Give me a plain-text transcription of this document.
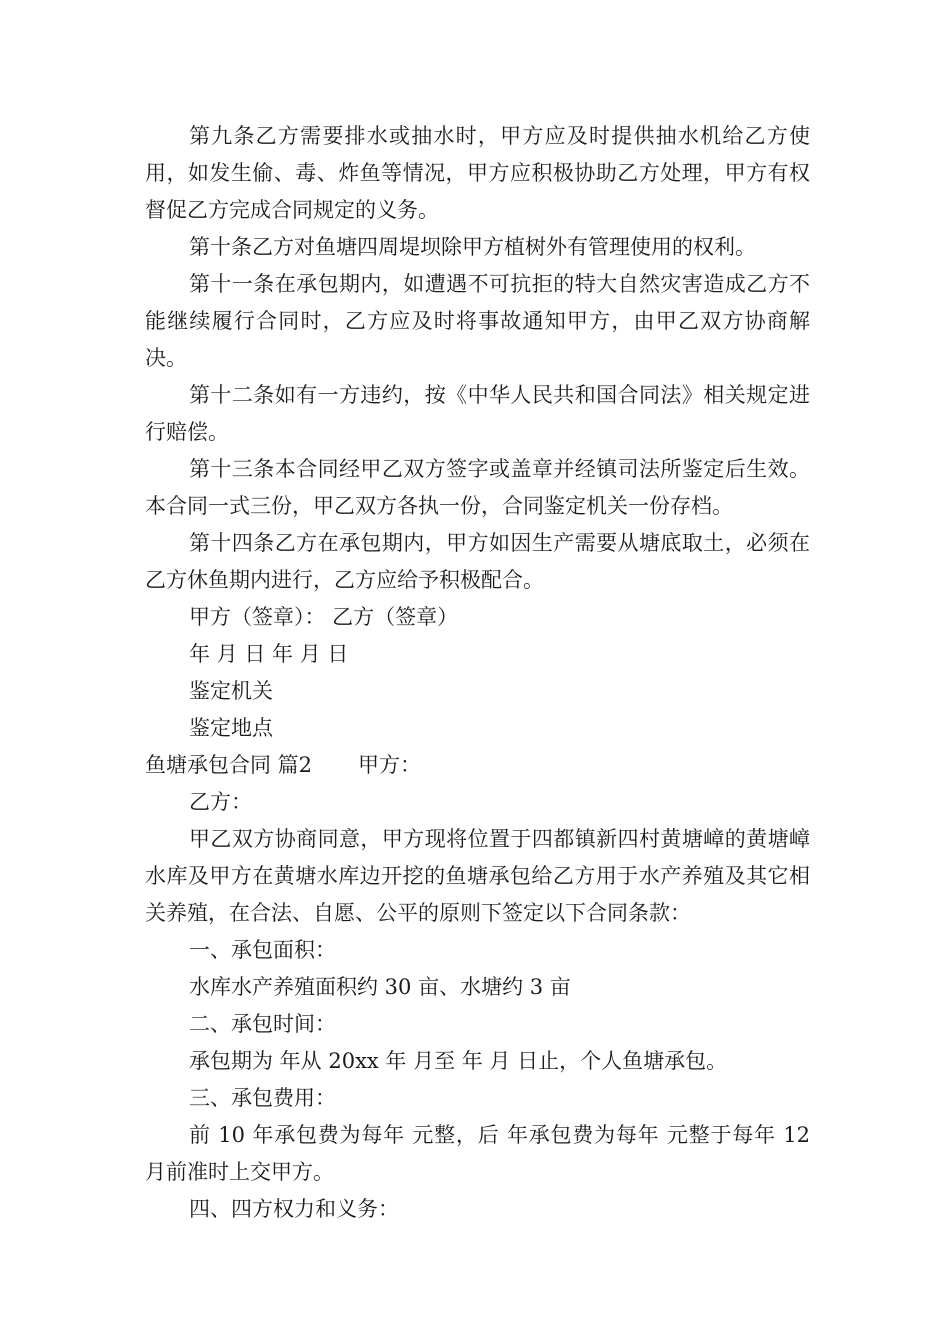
第九条乙方需要排水或抽水时，甲方应及时提供抽水机给乙方使用，如发生偷、毒、炸鱼等情况，甲方应积极协助乙方处理，甲方有权督促乙方完成合同规定的义务。

第十条乙方对鱼塘四周堤坝除甲方植树外有管理使用的权利。

第十一条在承包期内，如遭遇不可抗拒的特大自然灾害造成乙方不能继续履行合同时，乙方应及时将事故通知甲方，由甲乙双方协商解决。

第十二条如有一方违约，按《中华人民共和国合同法》相关规定进行赔偿。

第十三条本合同经甲乙双方签字或盖章并经镇司法所鉴定后生效。本合同一式三份，甲乙双方各执一份，合同鉴定机关一份存档。

第十四条乙方在承包期内，甲方如因生产需要从塘底取土，必须在乙方休鱼期内进行，乙方应给予积极配合。

甲方（签章）： 乙方（签章）

年 月 日 年 月 日

鉴定机关

鉴定地点

鱼塘承包合同 篇2 甲方：

乙方：

甲乙双方协商同意，甲方现将位置于四都镇新四村黄塘嶂的黄塘嶂水库及甲方在黄塘水库边开挖的鱼塘承包给乙方用于水产养殖及其它相关养殖，在合法、自愿、公平的原则下签定以下合同条款：

一、承包面积：

水库水产养殖面积约 30 亩、水塘约 3 亩

二、承包时间：

承包期为 年从 20xx 年 月至 年 月 日止，个人鱼塘承包。

三、承包费用：

前 10 年承包费为每年 元整，后 年承包费为每年 元整于每年 12 月前准时上交甲方。

四、四方权力和义务：
